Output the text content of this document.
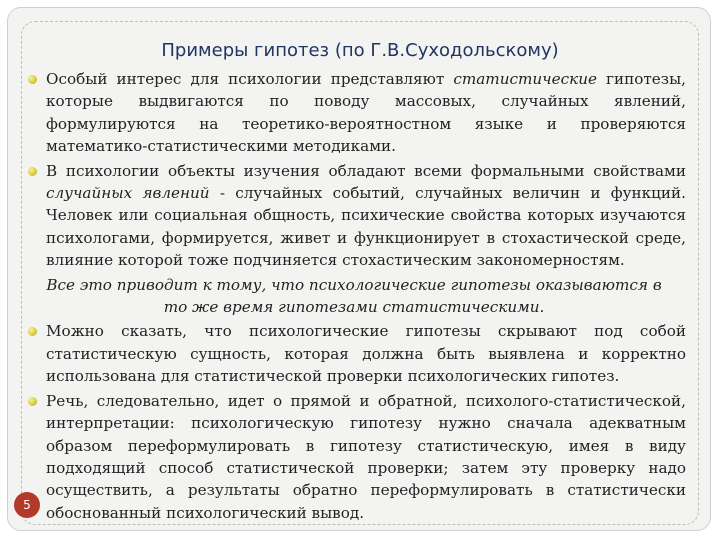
Примеры гипотез (по Г.В.Суходольскому)

Особый интерес для психологии представляют статистические гипотезы, которые выдвигаются по поводу массовых, случайных явлений, формулируются на теоретико-вероятностном языке и проверяются математико-статистическими методиками.

В психологии объекты изучения обладают всеми формальными свойствами случайных явлений - случайных событий, случайных величин и функций. Человек или социальная общность, психические свойства которых изучаются психологами, формируется, живет и функционирует в стохастической среде, влияние которой тоже подчиняется стохастическим закономерностям.

Все это приводит к тому, что психологические гипотезы оказываются в то же время гипотезами статистическими.

Можно сказать, что психологические гипотезы скрывают под собой статистическую сущность, которая должна быть выявлена и корректно использована для статистической проверки психологических гипотез.

Речь, следовательно, идет о прямой и обратной, психолого-статистической, интерпретации: психологическую гипотезу нужно сначала адекватным образом переформулировать в гипотезу статистическую, имея в виду подходящий способ статистической проверки; затем эту проверку надо осуществить, а результаты обратно переформулировать в статистически обоснованный психологический вывод.

5
